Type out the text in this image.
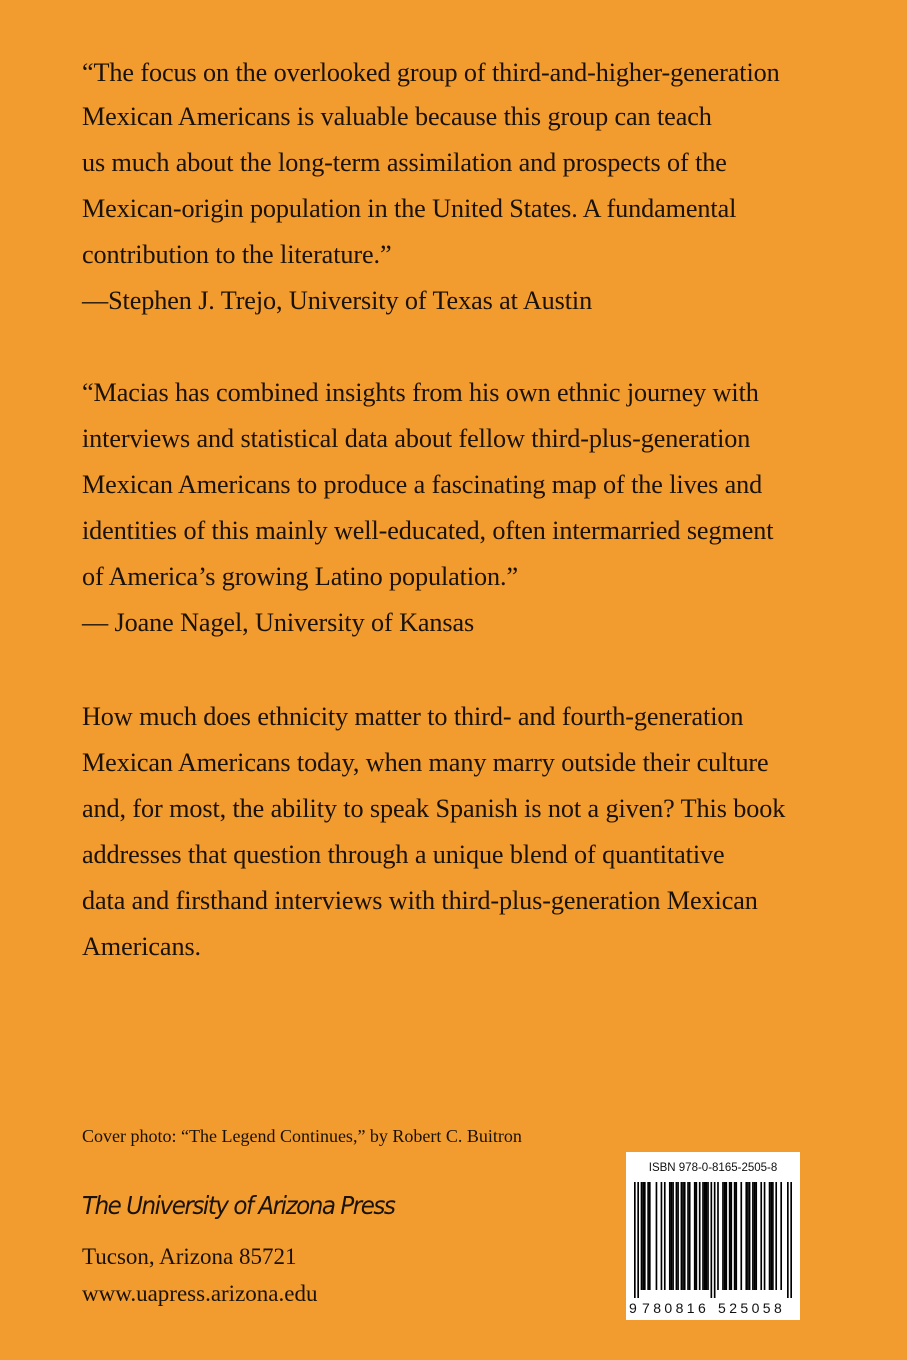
“The focus on the overlooked group of third-and-higher-generation
Mexican Americans is valuable because this group can teach
us much about the long-term assimilation and prospects of the
Mexican-origin population in the United States. A fundamental
contribution to the literature.”
—Stephen J. Trejo, University of Texas at Austin
“Macias has combined insights from his own ethnic journey with
interviews and statistical data about fellow third-plus-generation
Mexican Americans to produce a fascinating map of the lives and
identities of this mainly well-educated, often intermarried segment
of America’s growing Latino population.”
— Joane Nagel, University of Kansas
How much does ethnicity matter to third- and fourth-generation
Mexican Americans today, when many marry outside their culture
and, for most, the ability to speak Spanish is not a given? This book
addresses that question through a unique blend of quantitative
data and firsthand interviews with third-plus-generation Mexican
Americans.
Cover photo: “The Legend Continues,” by Robert C. Buitron
The University of Arizona Press
Tucson, Arizona 85721
www.uapress.arizona.edu
ISBN 978-0-8165-2505-8
9 7 8 0 8 1 6 5 2 5 0 5 8
